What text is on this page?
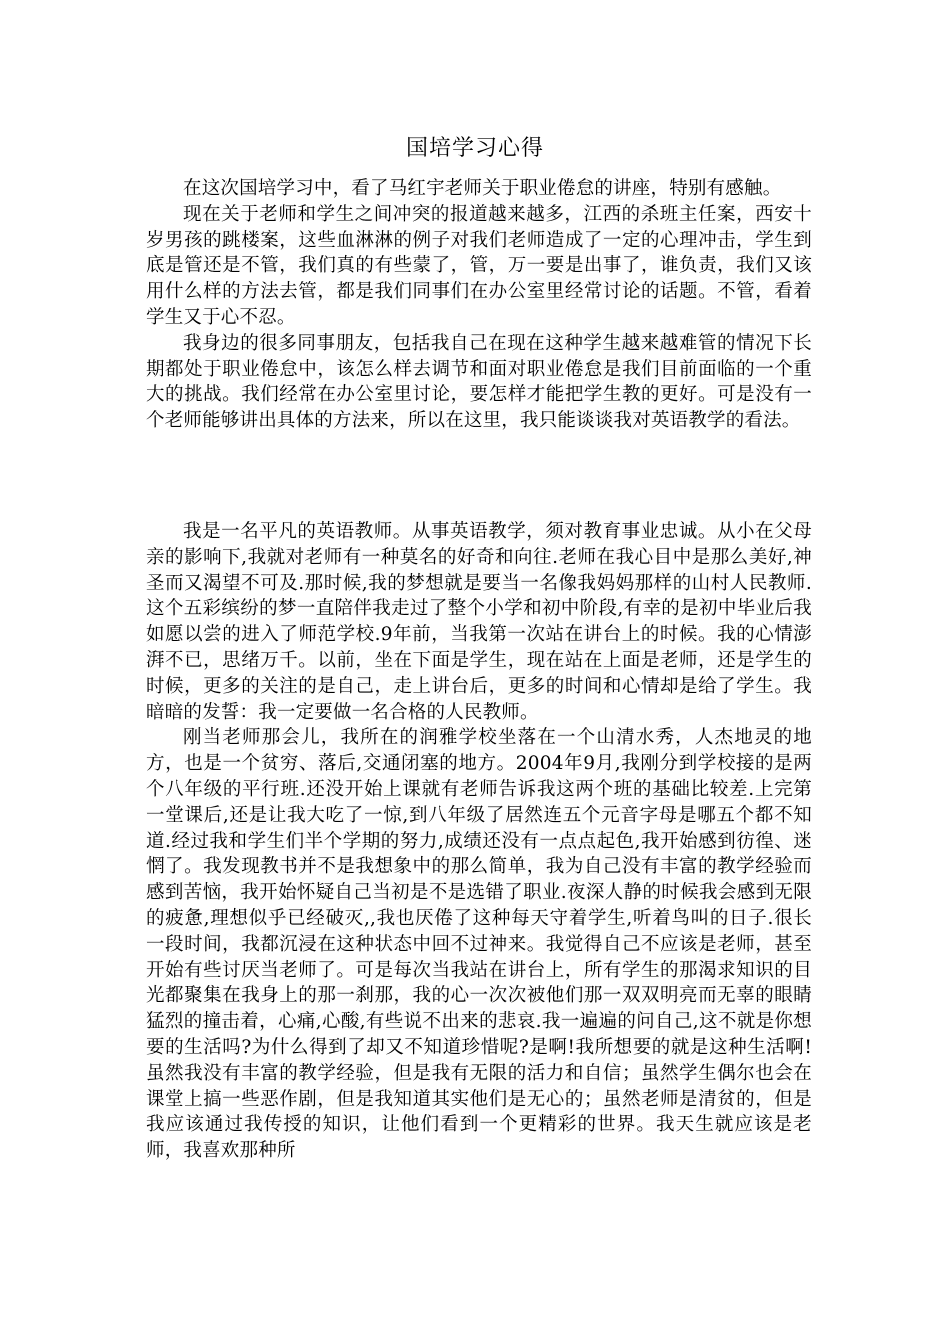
国培学习心得

在这次国培学习中，看了马红宇老师关于职业倦怠的讲座，特别有感触。

现在关于老师和学生之间冲突的报道越来越多，江西的杀班主任案，西安十岁男孩的跳楼案，这些血淋淋的例子对我们老师造成了一定的心理冲击，学生到底是管还是不管，我们真的有些蒙了，管，万一要是出事了，谁负责，我们又该用什么样的方法去管，都是我们同事们在办公室里经常讨论的话题。不管，看着学生又于心不忍。

我身边的很多同事朋友，包括我自己在现在这种学生越来越难管的情况下长期都处于职业倦怠中，该怎么样去调节和面对职业倦怠是我们目前面临的一个重大的挑战。我们经常在办公室里讨论，要怎样才能把学生教的更好。可是没有一个老师能够讲出具体的方法来，所以在这里，我只能谈谈我对英语教学的看法。

我是一名平凡的英语教师。从事英语教学，须对教育事业忠诚。从小在父母亲的影响下,我就对老师有一种莫名的好奇和向往.老师在我心目中是那么美好,神圣而又渴望不可及.那时候,我的梦想就是要当一名像我妈妈那样的山村人民教师.这个五彩缤纷的梦一直陪伴我走过了整个小学和初中阶段,有幸的是初中毕业后我如愿以尝的进入了师范学校.9年前，当我第一次站在讲台上的时候。我的心情澎湃不已，思绪万千。以前，坐在下面是学生，现在站在上面是老师，还是学生的时候，更多的关注的是自己，走上讲台后，更多的时间和心情却是给了学生。我暗暗的发誓：我一定要做一名合格的人民教师。

刚当老师那会儿，我所在的润雅学校坐落在一个山清水秀，人杰地灵的地方，也是一个贫穷、落后,交通闭塞的地方。2004年9月,我刚分到学校接的是两个八年级的平行班.还没开始上课就有老师告诉我这两个班的基础比较差.上完第一堂课后,还是让我大吃了一惊,到八年级了居然连五个元音字母是哪五个都不知道.经过我和学生们半个学期的努力,成绩还没有一点点起色,我开始感到彷徨、迷惘了。我发现教书并不是我想象中的那么简单，我为自己没有丰富的教学经验而感到苦恼，我开始怀疑自己当初是不是选错了职业.夜深人静的时候我会感到无限的疲惫,理想似乎已经破灭,,我也厌倦了这种每天守着学生,听着鸟叫的日子.很长一段时间，我都沉浸在这种状态中回不过神来。我觉得自己不应该是老师，甚至开始有些讨厌当老师了。可是每次当我站在讲台上，所有学生的那渴求知识的目光都聚集在我身上的那一刹那，我的心一次次被他们那一双双明亮而无辜的眼睛猛烈的撞击着，心痛,心酸,有些说不出来的悲哀.我一遍遍的问自己,这不就是你想要的生活吗?为什么得到了却又不知道珍惜呢?是啊!我所想要的就是这种生活啊!虽然我没有丰富的教学经验，但是我有无限的活力和自信；虽然学生偶尔也会在课堂上搞一些恶作剧，但是我知道其实他们是无心的；虽然老师是清贫的，但是我应该通过我传授的知识，让他们看到一个更精彩的世界。我天生就应该是老师，我喜欢那种所
